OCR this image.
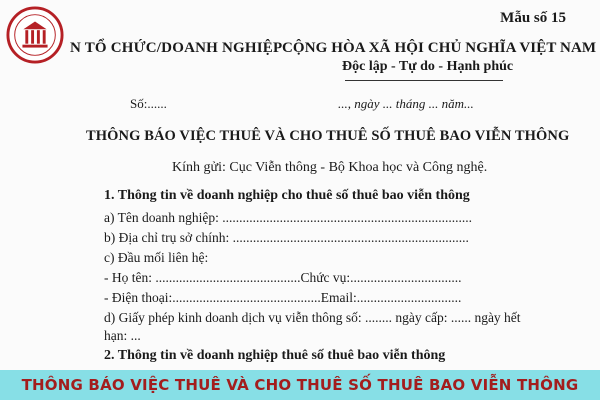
Mẫu số 15
N TỔ CHỨC/DOANH NGHIỆP CỘNG HÒA XÃ HỘI CHỦ NGHĨA VIỆT NAM
Độc lập - Tự do - Hạnh phúc
Số:......	..., ngày ... tháng ... năm...
THÔNG BÁO VIỆC THUÊ VÀ CHO THUÊ SỐ THUÊ BAO VIỄN THÔNG
Kính gửi: Cục Viễn thông - Bộ Khoa học và Công nghệ.
1. Thông tin về doanh nghiệp cho thuê số thuê bao viễn thông
a) Tên doanh nghiệp: ..........................................................................
b) Địa chỉ trụ sở chính: ......................................................................
c) Đầu mối liên hệ:
- Họ tên: ...........................................Chức vụ:.................................
- Điện thoại:............................................Email:...............................
d) Giấy phép kinh doanh dịch vụ viễn thông số: ........ ngày cấp: ...... ngày hết
hạn: ...
2. Thông tin về doanh nghiệp thuê số thuê bao viễn thông
THÔNG BÁO VIỆC THUÊ VÀ CHO THUÊ SỐ THUÊ BAO VIỄN THÔNG
